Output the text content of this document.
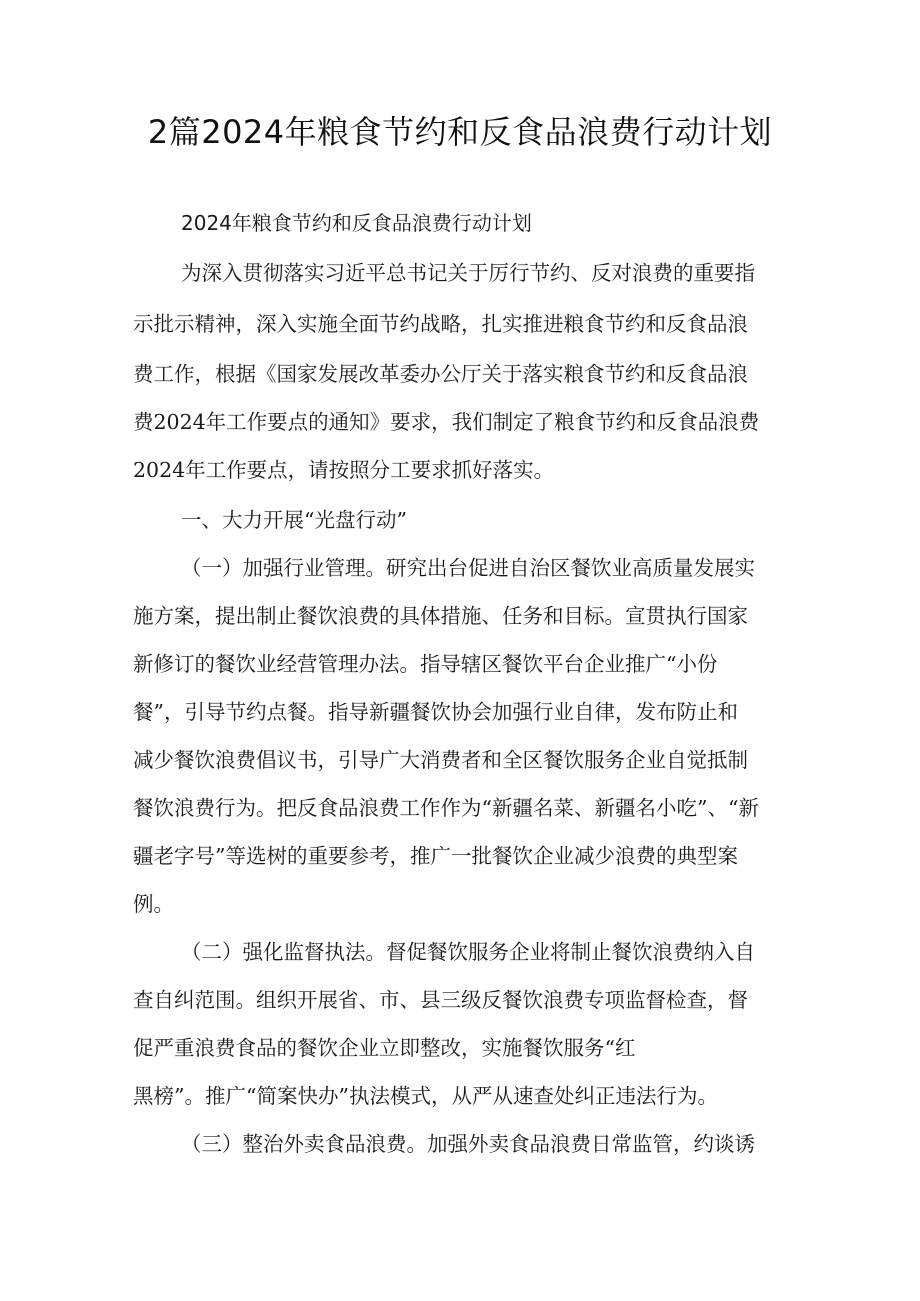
2篇2024年粮食节约和反食品浪费行动计划

2024年粮食节约和反食品浪费行动计划

为深入贯彻落实习近平总书记关于厉行节约、反对浪费的重要指

示批示精神，深入实施全面节约战略，扎实推进粮食节约和反食品浪

费工作，根据《国家发展改革委办公厅关于落实粮食节约和反食品浪

费2024年工作要点的通知》要求，我们制定了粮食节约和反食品浪费

2024年工作要点，请按照分工要求抓好落实。

一、大力开展“光盘行动”

（一）加强行业管理。研究出台促进自治区餐饮业高质量发展实

施方案，提出制止餐饮浪费的具体措施、任务和目标。宣贯执行国家

新修订的餐饮业经营管理办法。指导辖区餐饮平台企业推广“小份

餐”，引导节约点餐。指导新疆餐饮协会加强行业自律，发布防止和

减少餐饮浪费倡议书，引导广大消费者和全区餐饮服务企业自觉抵制

餐饮浪费行为。把反食品浪费工作作为“新疆名菜、新疆名小吃”、“新

疆老字号”等选树的重要参考，推广一批餐饮企业减少浪费的典型案

例。

（二）强化监督执法。督促餐饮服务企业将制止餐饮浪费纳入自

查自纠范围。组织开展省、市、县三级反餐饮浪费专项监督检查，督

促严重浪费食品的餐饮企业立即整改，实施餐饮服务“红

黑榜”。推广“简案快办”执法模式，从严从速查处纠正违法行为。

（三）整治外卖食品浪费。加强外卖食品浪费日常监管，约谈诱
